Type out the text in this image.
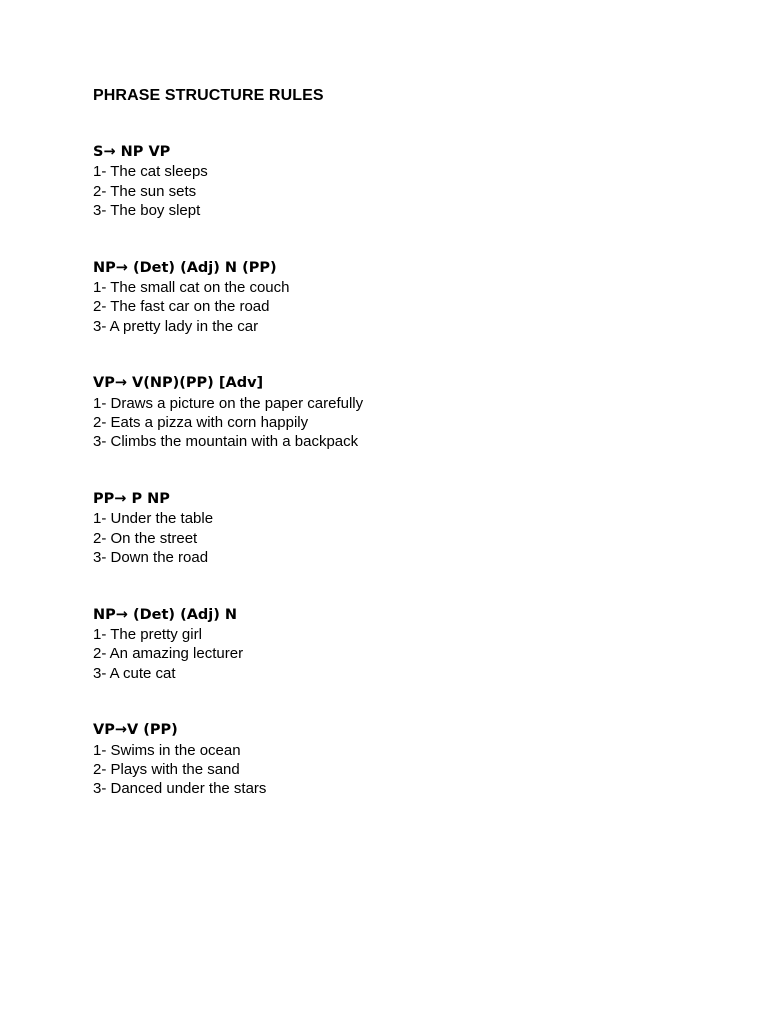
PHRASE STRUCTURE RULES
S→ NP VP
1- The cat sleeps
2- The sun sets
3- The boy slept
NP→ (Det) (Adj) N (PP)
1- The small cat on the couch
2- The fast car on the road
3- A pretty lady in the car
VP→ V(NP)(PP) [Adv]
1- Draws a picture on the paper carefully
2- Eats a pizza with corn happily
3- Climbs the mountain with a backpack
PP→ P NP
1- Under the table
2- On the street
3- Down the road
NP→ (Det) (Adj) N
1- The pretty girl
2- An amazing lecturer
3- A cute cat
VP→V (PP)
1- Swims in the ocean
2- Plays with the sand
3- Danced under the stars
